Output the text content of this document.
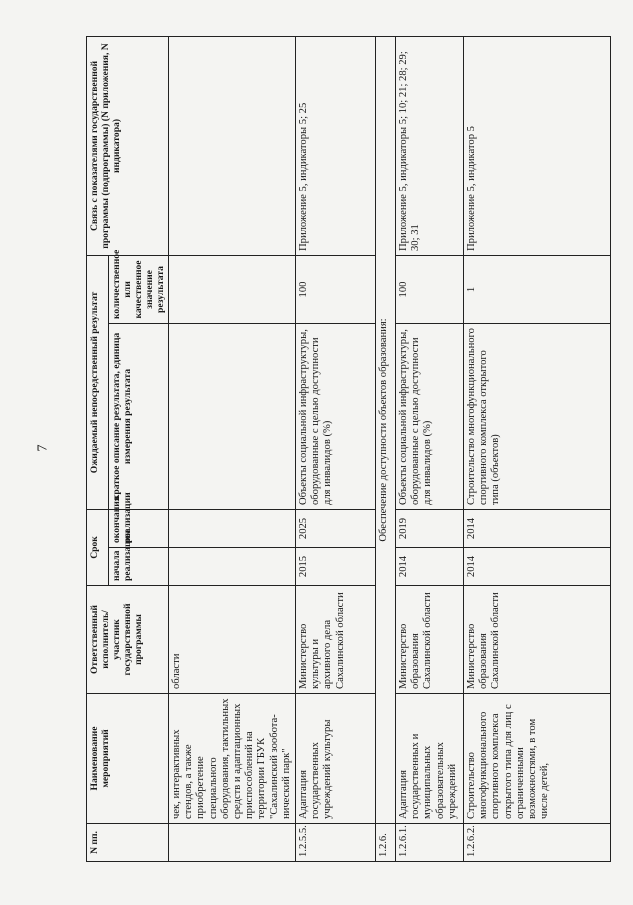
7
N пп.	Наименование мероприятий	Ответственный исполнитель/участник государственной программы	Срок		Ожидаемый непосредственный результат		Связь с показателями государственной программы (подпрограммы) (N приложения, N индикатора)
			начала реализации	окончания реализации	краткое описание результата, единица измерения результата	количественное или качественное значение результата	
	чек, интерактивных стендов, а также приобретение специального оборудования, тактильных средств и адаптационных приспособлений на территории ГБУК "Сахалинский зооботанический парк"	области					
1.2.5.5.	Адаптация государственных учреждений культуры	Министерство культуры и архивного дела Сахалинской области	2015	2025	Объекты социальной инфраструктуры, оборудованные с целью доступности для инвалидов (%)	100	Приложение 5, индикаторы 5; 25
1.2.6.	Обеспечение доступности объектов образования:						
1.2.6.1.	Адаптация государственных и муниципальных образовательных учреждений	Министерство образования Сахалинской области	2014	2019	Объекты социальной инфраструктуры, оборудованные с целью доступности для инвалидов (%)	100	Приложение 5, индикаторы 5; 10; 21; 28; 29; 30; 31
1.2.6.2.	Строительство многофункционального спортивного комплекса открытого типа для лиц с ограниченными возможностями, в том числе детей,	Министерство образования Сахалинской области	2014	2014	Строительство многофункционального спортивного комплекса открытого типа (объектов)	1	Приложение 5, индикатор 5
